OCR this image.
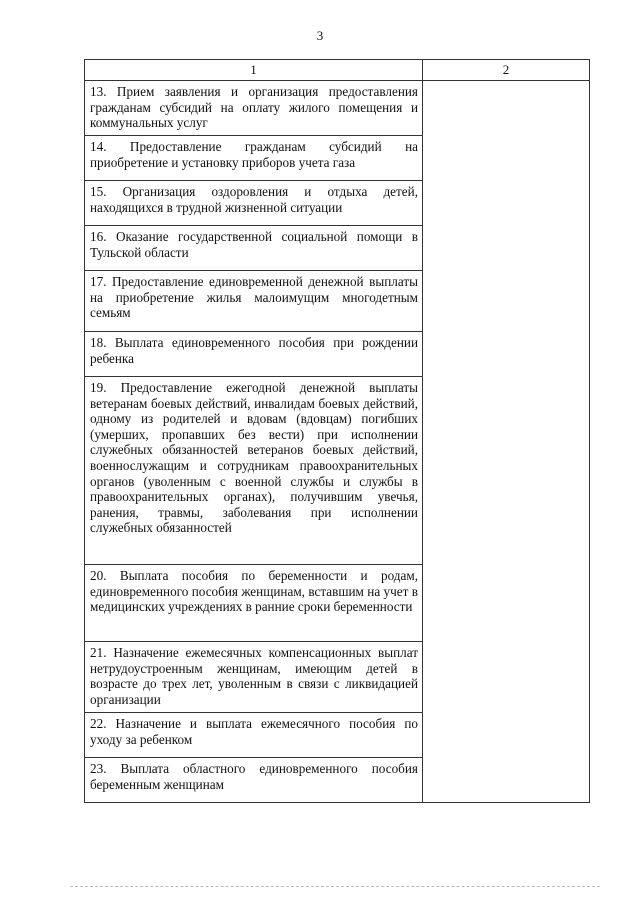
3
1	2
13. Прием заявления и организация предоставления гражданам субсидий на оплату жилого помещения и коммунальных услуг	
14. Предоставление гражданам субсидий на приобретение и установку приборов учета газа	
15. Организация оздоровления и отдыха детей, находящихся в трудной жизненной ситуации	
16. Оказание государственной социальной помощи в Тульской области	
17. Предоставление единовременной денежной выплаты на приобретение жилья малоимущим многодетным семьям	
18. Выплата единовременного пособия при рождении ребенка	
19. Предоставление ежегодной денежной выплаты ветеранам боевых действий, инвалидам боевых действий, одному из родителей и вдовам (вдовцам) погибших (умерших, пропавших без вести) при исполнении служебных обязанностей ветеранов боевых действий, военнослужащим и сотрудникам правоохранительных органов (уволенным с военной службы и службы в правоохранительных органах), получившим увечья, ранения, травмы, заболевания при исполнении служебных обязанностей	
20. Выплата пособия по беременности и родам, единовременного пособия женщинам, вставшим на учет в медицинских учреждениях в ранние сроки беременности	
21. Назначение ежемесячных компенсационных выплат нетрудоустроенным женщинам, имеющим детей в возрасте до трех лет, уволенным в связи с ликвидацией организации	
22. Назначение и выплата ежемесячного пособия по уходу за ребенком	
23. Выплата областного единовременного пособия беременным женщинам	
